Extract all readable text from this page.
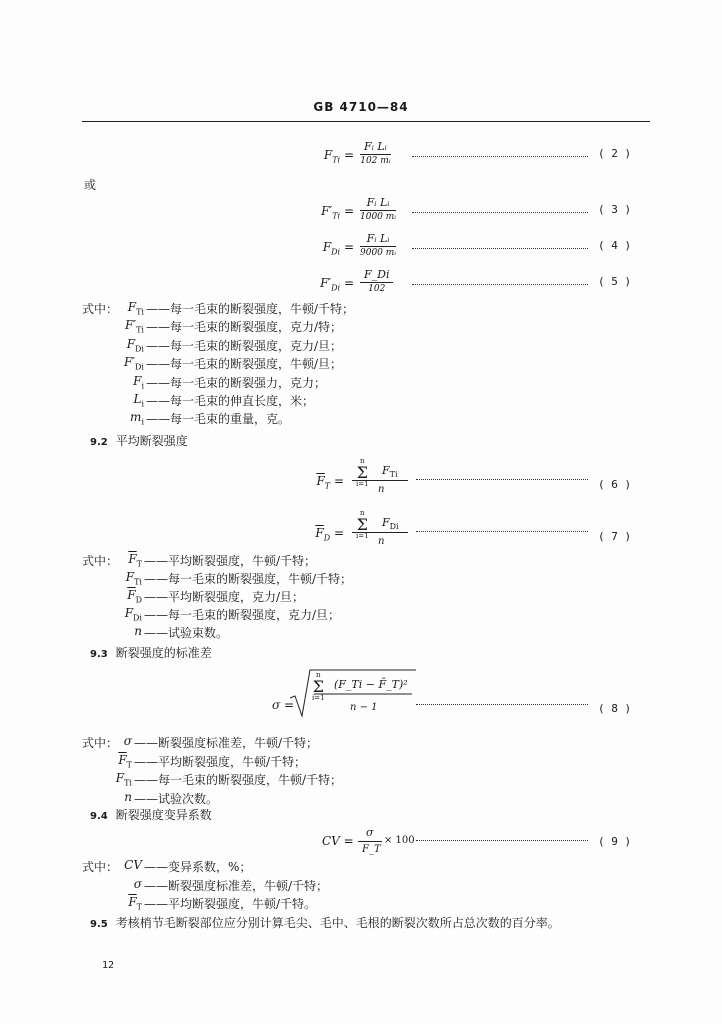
GB 4710—84
$F_{Ti}$ =
Fᵢ Lᵢ
102 mᵢ
( 2 )
$F'_{Ti}$ =
Fᵢ Lᵢ
1000 mᵢ
( 3 )
$F_{Di}$ =
Fᵢ Lᵢ
9000 mᵢ
( 4 )
$F'_{Di}$ =
F_Di
102
( 5 )
或
式中： $F_{Ti}$ ——每一毛束的断裂强度，牛顿/千特；
$F'_{Ti}$ ——每一毛束的断裂强度，克力/特；
$F_{Di}$ ——每一毛束的断裂强度，克力/旦；
$F'_{Di}$ ——每一毛束的断裂强度，牛顿/旦；
$F_i$ ——每一毛束的断裂强力，克力；
$L_i$ ——每一毛束的伸直长度，米；
$m_i$ ——每一毛束的重量，克。
9.2 平均断裂强度
$\overline{F}_T$ =
n
Σ
i=1
$F_{Ti}$
n	( 6 )
$\overline{F}_D$ =
n
Σ
i=1
$F_{Di}$
n	( 7 )
式中： $\overline{F}_T$ ——平均断裂强度，牛顿/千特；
$F_{Ti}$ ——每一毛束的断裂强度，牛顿/千特；
$\overline{F}_D$ ——平均断裂强度，克力/旦；
$F_{Di}$ ——每一毛束的断裂强度，克力/旦；
n ——试验束数。
9.3 断裂强度的标准差
σ =
n
Σ
i=1
(F_Ti − F̄_T)²
n − 1	( 8 )
式中： σ ——断裂强度标准差，牛顿/千特；
$\overline{F}_T$ ——平均断裂强度，牛顿/千特；
$F_{Ti}$ ——每一毛束的断裂强度，牛顿/千特；
n ——试验次数。
9.4 断裂强度变异系数
CV =
σ
F_T
× 100	( 9 )
式中： CV ——变异系数，%；
σ ——断裂强度标准差，牛顿/千特；
$\overline{F}_T$ ——平均断裂强度，牛顿/千特。
9.5 考核梢节毛断裂部位应分别计算毛尖、毛中、毛根的断裂次数所占总次数的百分率。
12
